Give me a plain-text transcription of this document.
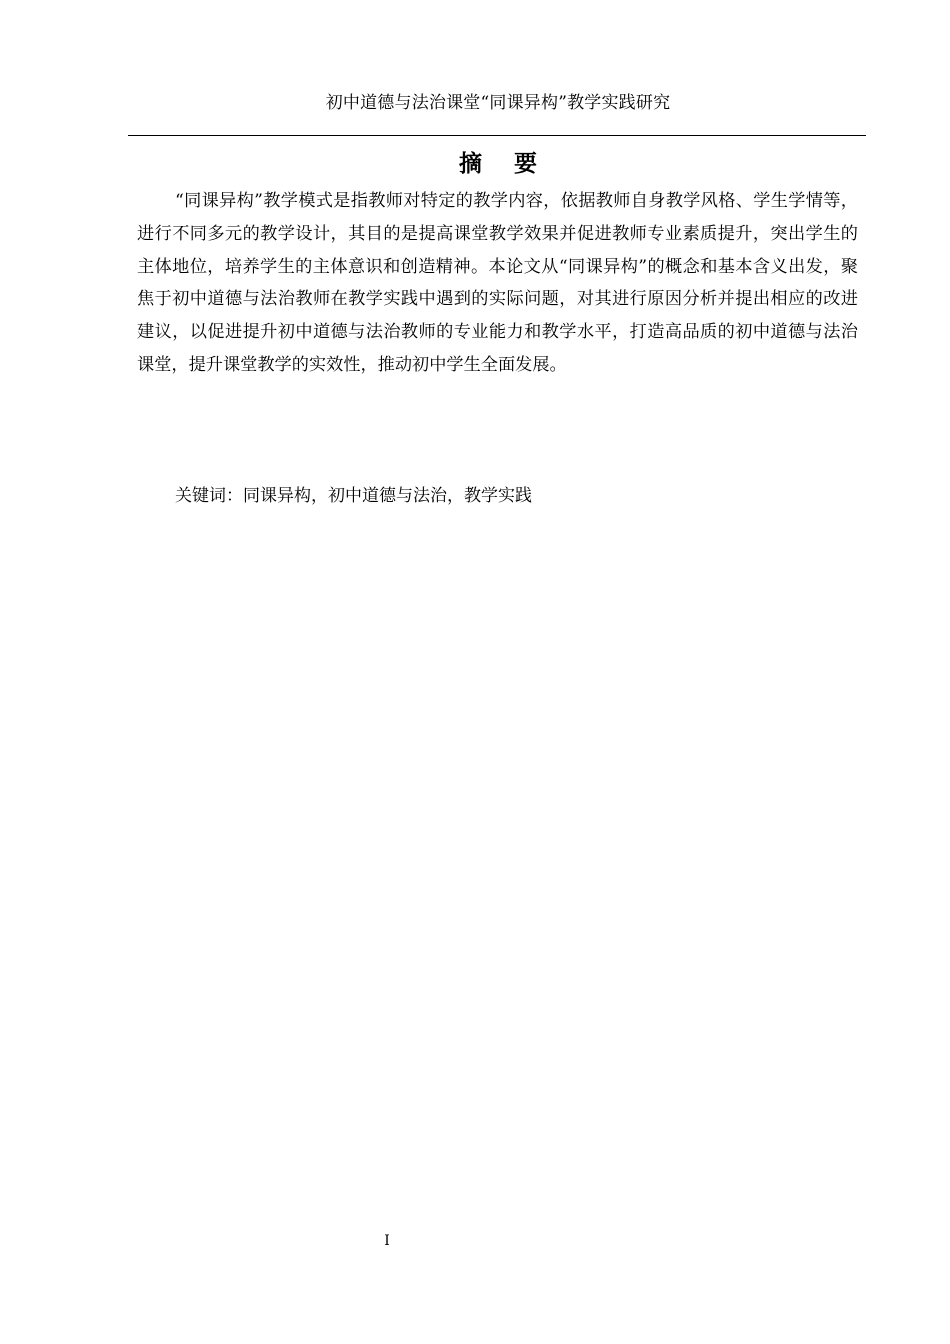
初中道德与法治课堂“同课异构”教学实践研究
摘 要

“同课异构”教学模式是指教师对特定的教学内容，依据教师自身教学风格、学生学情等，进行不同多元的教学设计，其目的是提高课堂教学效果并促进教师专业素质提升，突出学生的主体地位，培养学生的主体意识和创造精神。本论文从“同课异构”的概念和基本含义出发，聚焦于初中道德与法治教师在教学实践中遇到的实际问题，对其进行原因分析并提出相应的改进建议，以促进提升初中道德与法治教师的专业能力和教学水平，打造高品质的初中道德与法治课堂，提升课堂教学的实效性，推动初中学生全面发展。

关键词：同课异构，初中道德与法治，教学实践
I
